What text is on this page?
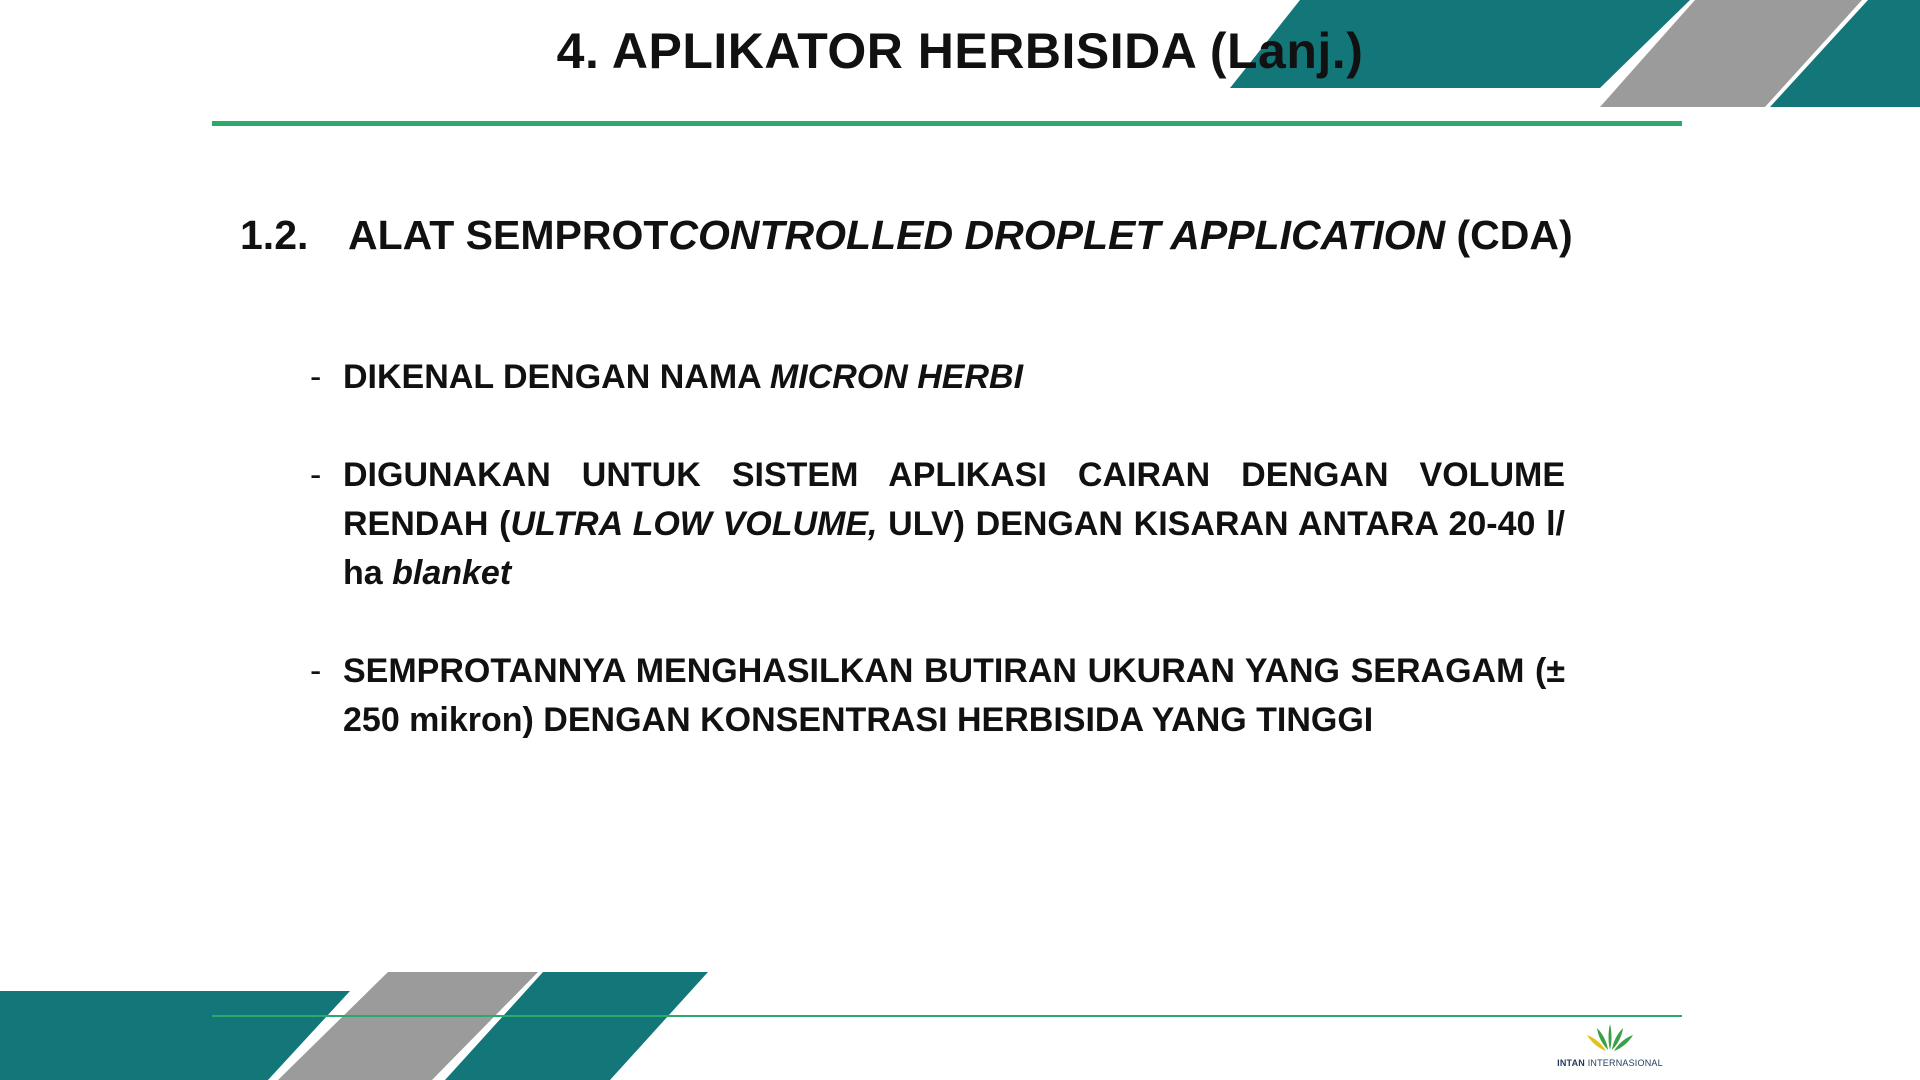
4. APLIKATOR HERBISIDA (Lanj.)
1.2. ALAT SEMPROTCONTROLLED DROPLET APPLICATION (CDA)
- DIKENAL DENGAN NAMA MICRON HERBI
- DIGUNAKAN UNTUK SISTEM APLIKASI CAIRAN DENGAN VOLUME RENDAH (ULTRA LOW VOLUME, ULV) DENGAN KISARAN ANTARA 20-40 l/ ha blanket
- SEMPROTANNYA MENGHASILKAN BUTIRAN UKURAN YANG SERAGAM (± 250 mikron) DENGAN KONSENTRASI HERBISIDA YANG TINGGI
INTAN INTERNASIONAL
